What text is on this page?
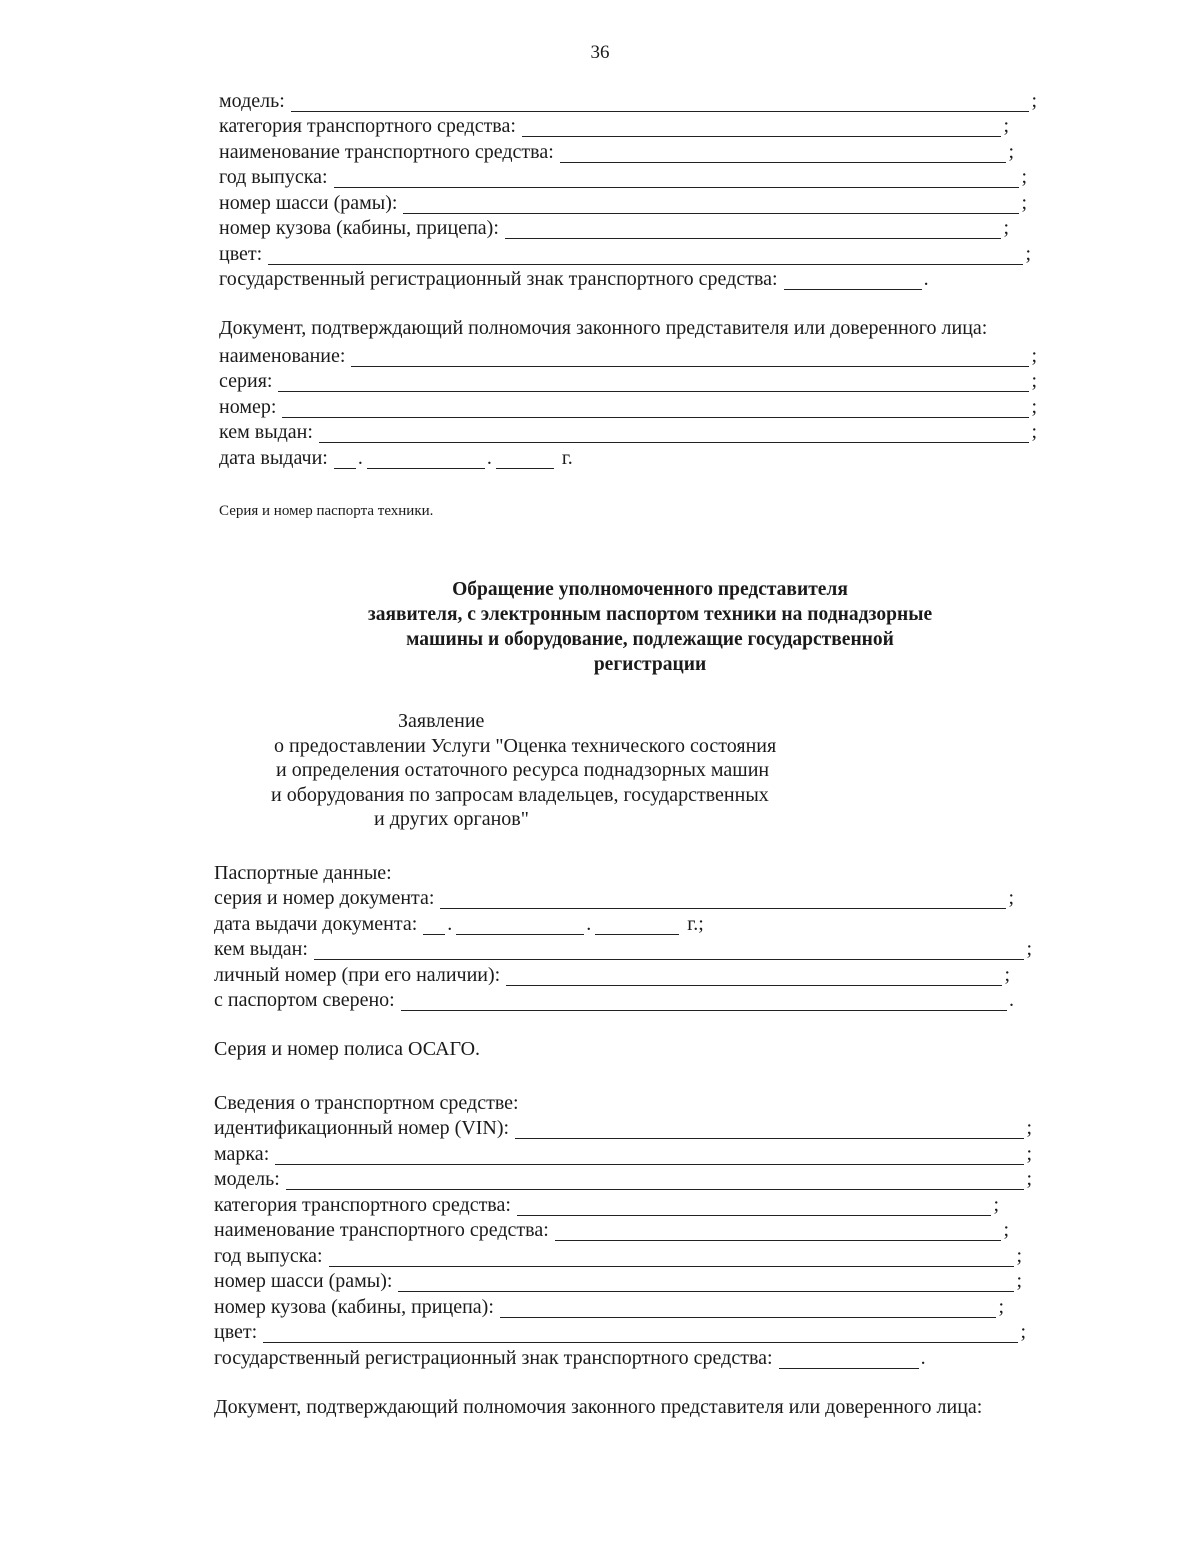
36
модель:	;
категория транспортного средства:	;
наименование транспортного средства:	;
год выпуска:	;
номер шасси (рамы):	;
номер кузова (кабины, прицепа):	;
цвет:	;
государственный регистрационный знак транспортного средства:	.
Документ, подтверждающий полномочия законного представителя или доверенного лица:
наименование:	;
серия:	;
номер:	;
кем выдан:	;
дата выдачи:	.	.	г.
Серия и номер паспорта техники.
Обращение уполномоченного представителя
заявителя, с электронным паспортом техники на поднадзорные
машины и оборудование, подлежащие государственной
регистрации
Заявление
о предоставлении Услуги "Оценка технического состояния
и определения остаточного ресурса поднадзорных машин
и оборудования по запросам владельцев, государственных
и других органов"
Паспортные данные:
серия и номер документа:	;
дата выдачи документа:	.	.	г.;
кем выдан:	;
личный номер (при его наличии):	;
с паспортом сверено:	.
Серия и номер полиса ОСАГО.
Сведения о транспортном средстве:
идентификационный номер (VIN):	;
марка:	;
модель:	;
категория транспортного средства:	;
наименование транспортного средства:	;
год выпуска:	;
номер шасси (рамы):	;
номер кузова (кабины, прицепа):	;
цвет:	;
государственный регистрационный знак транспортного средства:	.
Документ, подтверждающий полномочия законного представителя или доверенного лица:
